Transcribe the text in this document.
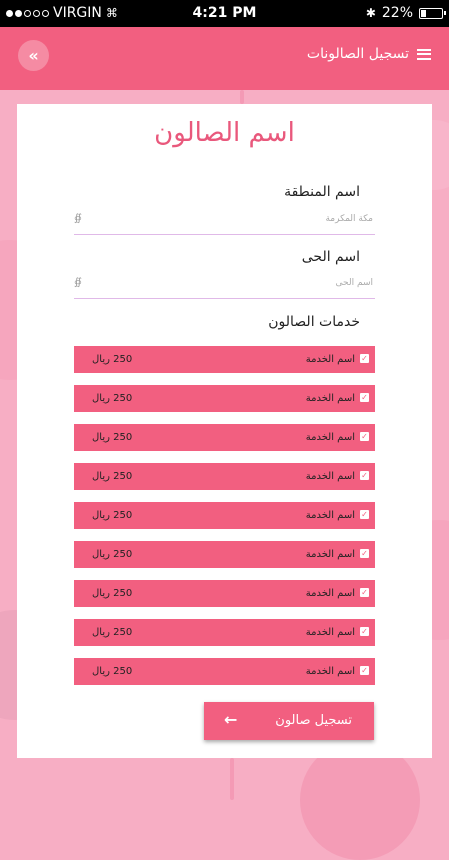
VIRGIN ⌘	4:21 PM	✱ 22%
«	تسجيل الصالونات
اسم الصالون
اسم المنطقة
مكة المكرمة
∯
اسم الحى
اسم الحى
∯
خدمات الصالون
✓
اسم الخدمة
250 ريال
✓
اسم الخدمة
250 ريال
✓
اسم الخدمة
250 ريال
✓
اسم الخدمة
250 ريال
✓
اسم الخدمة
250 ريال
✓
اسم الخدمة
250 ريال
✓
اسم الخدمة
250 ريال
✓
اسم الخدمة
250 ريال
✓
اسم الخدمة
250 ريال
تسجيل صالون
←
